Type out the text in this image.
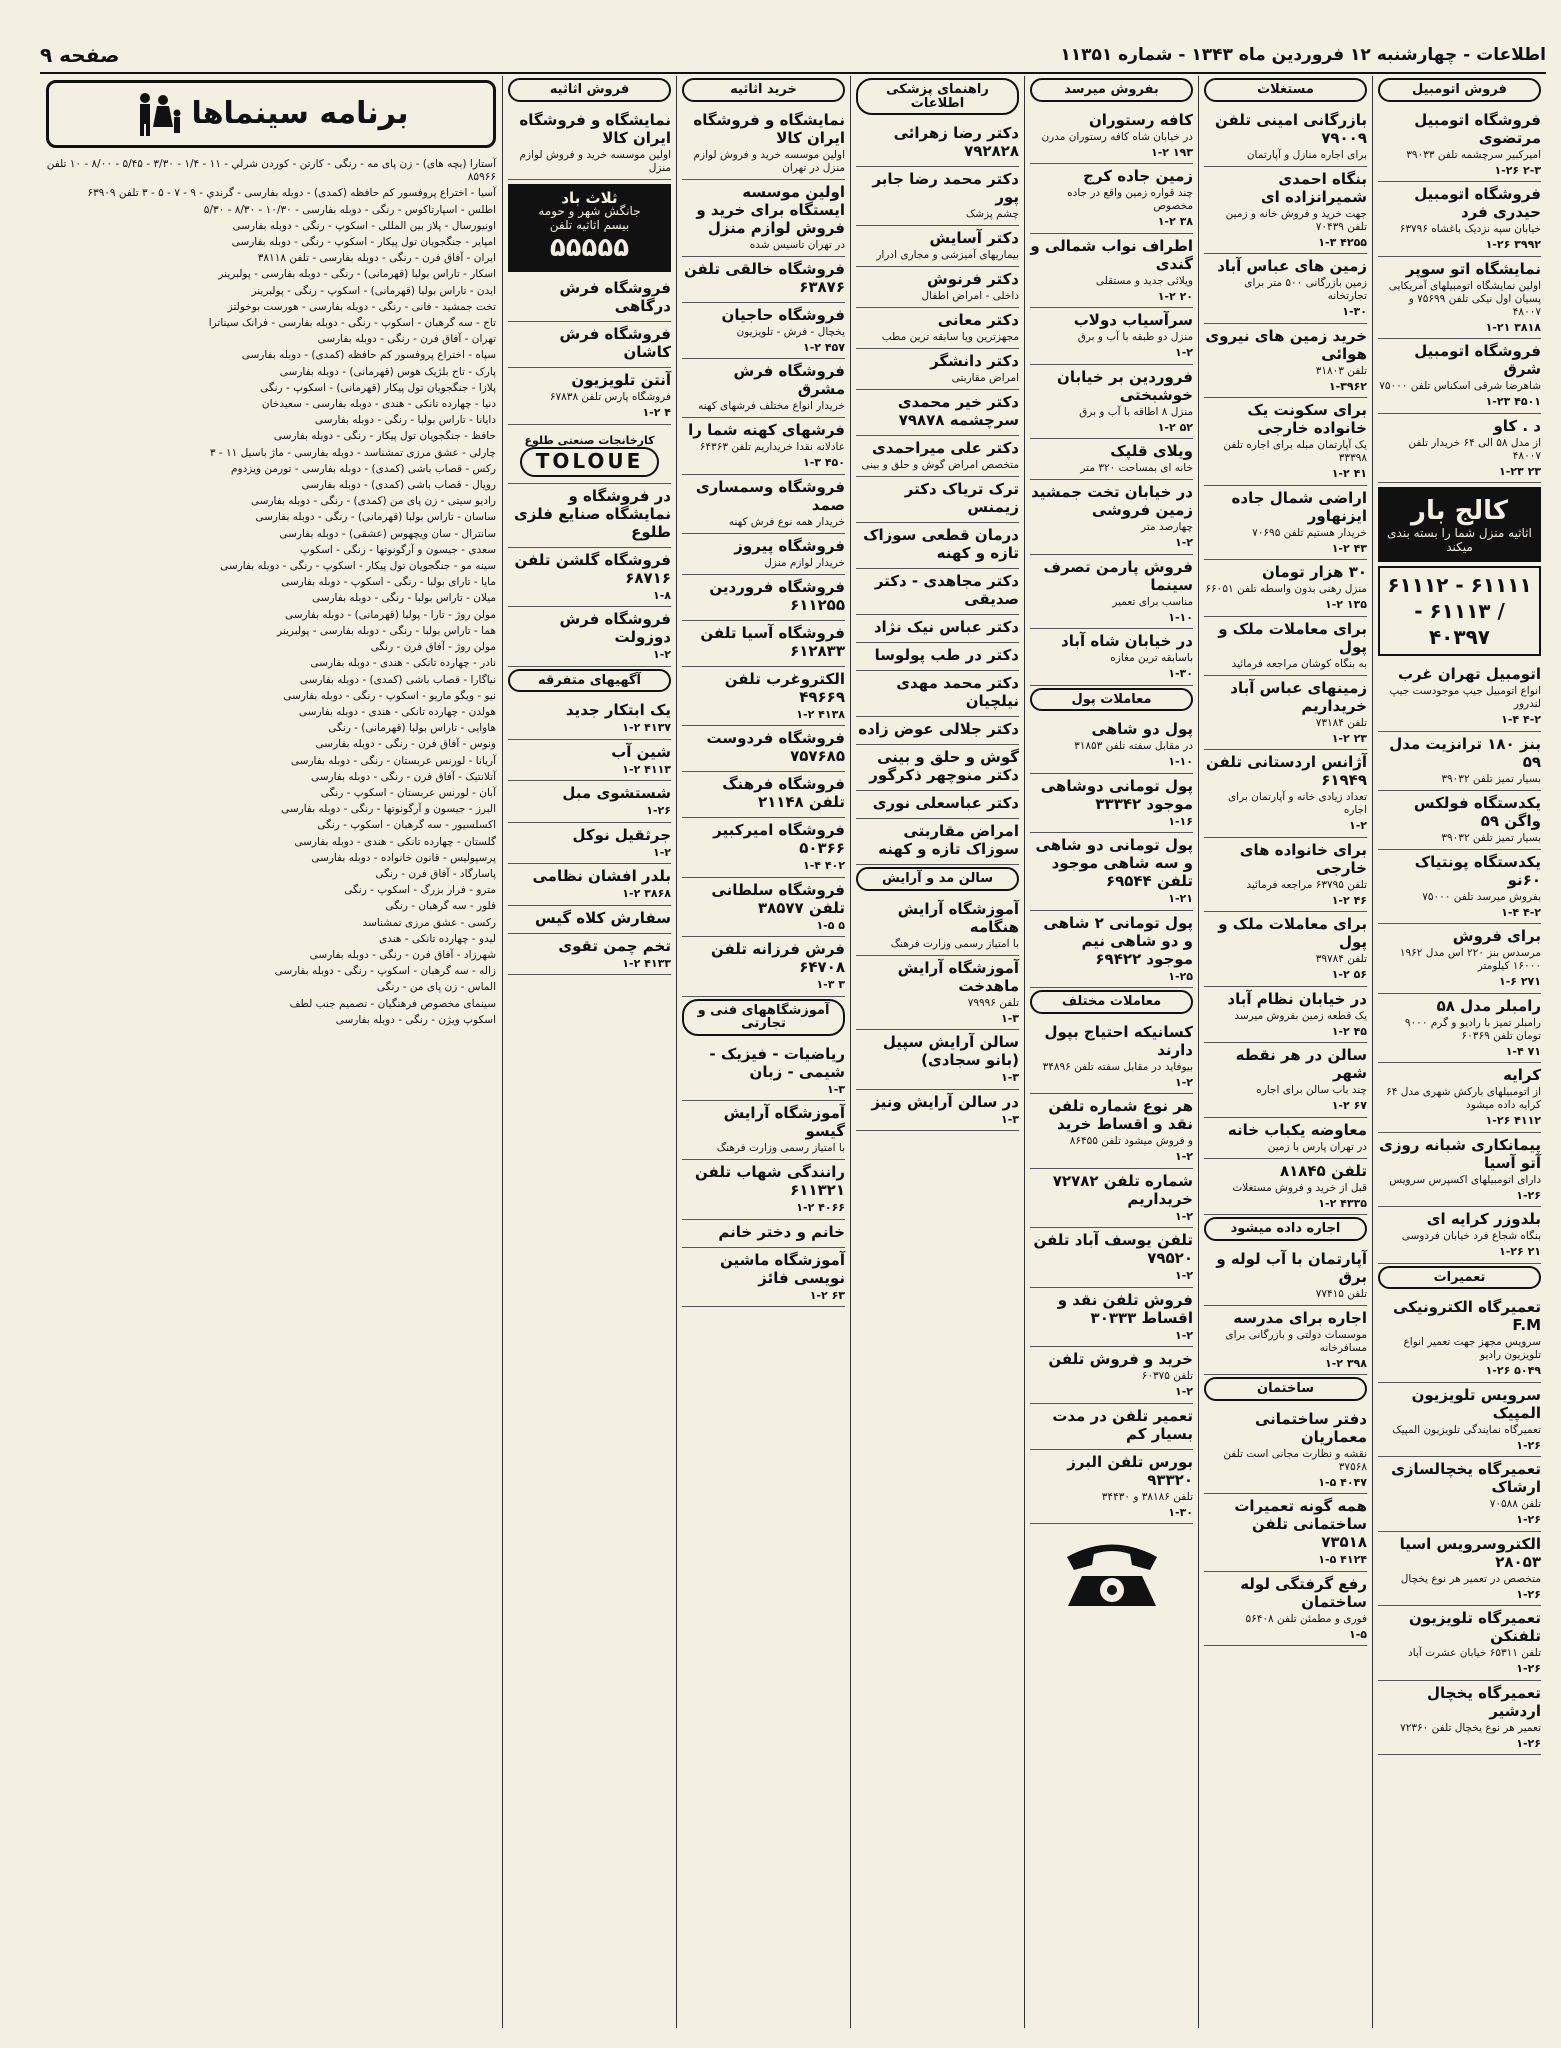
اطلاعات - چهارشنبه ۱۲ فروردین ماه ۱۳۴۳ - شماره ۱۱۳۵۱
صفحه ۹
فروش اتومبيل
فروشگاه اتومبيل مرتضوی
اميرکبير سرچشمه تلفن ۳۹۰۳۳
۲-۳ ۱-۲۶
فروشگاه اتومبيل حيدری فرد
خيابان سپه نزديک باغشاه ۶۳۷۹۶
۳۹۹۲ ۱-۲۶
نمايشگاه اتو سوپر
اولين نمايشگاه اتومبيلهای آمريکايی پسيان اول نيکی تلفن ۷۵۶۹۹ و ۴۸۰۰۷
۳۸۱۸ ۱-۲۱
فروشگاه اتومبيل شرق
شاهرضا شرقی اسکناس تلفن ۷۵۰۰۰
۴۵۰۱ ۱-۲۳
د . کاو
از مدل ۵۸ الی ۶۴ خريدار تلفن ۴۸۰۰۷
۲۳ ۱-۲۳
کالج بار
اثاثيه منزل شما را بسته بندی ميکند
۶۱۱۱۱ - ۶۱۱۱۲ / ۶۱۱۱۳ - ۴۰۳۹۷
اتومبيل تهران غرب
انواع اتومبيل جيپ موجودست جيپ لندرور
۴-۲ ۱-۴
بنز ۱۸۰ ترانزيت مدل ۵۹
بسيار تميز تلفن ۳۹۰۳۲
يکدستگاه فولکس واگن ۵۹
بسيار تميز تلفن ۳۹۰۳۲
يکدستگاه پونتياک ۶۰نو
بفروش ميرسد تلفن ۷۵۰۰۰
۴-۲ ۱-۴
برای فروش
مرسدس بنز ۲۲۰ اس مدل ۱۹۶۲ ۱۶۰۰۰ کيلومتر
۲۷۱ ۱-۶
رامبلر مدل ۵۸
رامبلر تميز با راديو و گرم ۹۰۰۰ تومان تلفن ۶۰۳۶۹
۷۱ ۱-۴
کرايه
از اتومبيلهای بارکش شهری مدل ۶۴ کرايه داده ميشود
۴۱۱۲ ۱-۲۶
پيمانکاری شبانه روزی آتو آسيا
دارای اتومبيلهای اکسپرس سرويس
۱-۲۶
بلدوزر کرايه ای
بنگاه شجاع فرد خيابان فردوسی
۲۱ ۱-۲۶
تعميرات
تعميرگاه الکترونيکی F.M
سرويس مجهز جهت تعمير انواع تلويزيون راديو
۵۰۴۹ ۱-۲۶
سرويس تلويزيون المپيک
تعميرگاه نمايندگی تلويزيون المپيک
۱-۲۶
تعميرگاه يخچالسازی ارشاک
تلفن ۷۰۵۸۸
۱-۲۶
الکتروسرويس اسيا ۲۸۰۵۳
متخصص در تعمير هر نوع يخچال
۱-۲۶
تعميرگاه تلويزيون تلفنکن
تلفن ۶۵۳۱۱ خيابان عشرت آباد
۱-۲۶
تعميرگاه يخچال اردشير
تعمير هر نوع يخچال تلفن ۷۲۳۶۰
۱-۲۶
مستغلات
بازرگانی امينی تلفن ۷۹۰۰۹
برای اجاره منازل و آپارتمان
بنگاه احمدی شميرانزاده ای
جهت خريد و فروش خانه و زمين تلفن ۷۰۴۳۹
۴۲۵۵ ۱-۳
زمين های عباس آباد
زمين بازرگانی ۵۰۰ متر برای تجارتخانه
۱-۳۰
خريد زمين های نيروی هوائی
تلفن ۳۱۸۰۳
۱-۳۹۶۲
برای سکونت يک خانواده خارجی
يک آپارتمان مبله برای اجاره تلفن ۳۳۳۹۸
۴۱ ۱-۲
اراضی شمال جاده ايزنهاور
خريدار هستيم تلفن ۷۰۶۹۵
۴۳ ۱-۲
۳۰ هزار تومان
منزل رهنی بدون واسطه تلفن ۶۶۰۵۱
۱۳۵ ۱-۲
برای معاملات ملک و پول
به بنگاه کوشان مراجعه فرمائيد
زمينهای عباس آباد خريداريم
تلفن ۷۳۱۸۴
۲۳ ۱-۲
آژانس اردستانی تلفن ۶۱۹۴۹
تعداد زيادی خانه و آپارتمان برای اجاره
۱-۲
برای خانواده های خارجی
تلفن ۶۳۷۹۵ مراجعه فرمائيد
۴۶ ۱-۲
برای معاملات ملک و پول
تلفن ۳۹۷۸۴
۵۶ ۱-۲
در خيابان نظام آباد
يک قطعه زمين بفروش ميرسد
۴۵ ۱-۲
سالن در هر نقطه شهر
چند باب سالن برای اجاره
۶۷ ۱-۲
معاوضه يکباب خانه
در تهران پارس با زمين
تلفن ۸۱۸۴۵
قبل از خريد و فروش مستغلات
۴۳۳۵ ۱-۲
اجاره داده ميشود
آپارتمان با آب لوله و برق
تلفن ۷۷۴۱۵
اجاره برای مدرسه
موسسات دولتی و بازرگانی برای مسافرخانه
۳۹۸ ۱-۲
ساختمان
دفتر ساختمانی معماريان
نقشه و نظارت مجانی است تلفن ۳۷۵۶۸
۴۰۴۷ ۱-۵
همه گونه تعميرات ساختمانی تلفن ۷۳۵۱۸
۴۱۲۴ ۱-۵
رفع گرفتگی لوله ساختمان
فوری و مطمئن تلفن ۵۶۴۰۸
۱-۵
بفروش ميرسد
کافه رستوران
در خيابان شاه کافه رستوران مدرن
۱۹۳ ۱-۲
زمين جاده کرج
چند قواره زمين واقع در جاده مخصوص
۳۸ ۱-۲
اطراف نواب شمالی و گندی
ويلائی جديد و مستقلی
۲۰ ۱-۲
سرآسياب دولاب
منزل دو طبقه با آب و برق
۱-۲
فروردين بر خيابان خوشبختی
منزل ۸ اطاقه با آب و برق
۵۲ ۱-۲
ويلای قلپک
خانه ای بمساحت ۳۲۰ متر
در خيابان تخت جمشيد زمين فروشی
چهارصد متر
۱-۲
فروش پارمن تصرف سينما
مناسب برای تعمير
۱-۱۰
در خيابان شاه آباد
باسابقه ترين مغازه
۱-۳۰
معاملات پول
پول دو شاهی
در مقابل سفته تلفن ۳۱۸۵۳
۱-۱۰
پول تومانی دوشاهی موجود ۳۳۳۴۲
۱-۱۶
پول تومانی دو شاهی و سه شاهی موجود تلفن ۶۹۵۴۴
۱-۲۱
پول تومانی ۲ شاهی و دو شاهی نيم موجود ۶۹۴۲۲
۱-۲۵
معاملات مختلف
کسانيکه احتياج بپول دارند
بيوفايد در مقابل سفته تلفن ۳۴۸۹۶
۱-۲
هر نوع شماره تلفن نقد و اقساط خريد
و فروش ميشود تلفن ۸۶۴۵۵
۱-۲
شماره تلفن ۷۲۷۸۲ خريداريم
۱-۲
تلفن يوسف آباد تلفن ۷۹۵۲۰
۱-۲
فروش تلفن نقد و اقساط ۳۰۳۳۳
۱-۲
خريد و فروش تلفن
تلفن ۶۰۳۷۵
۱-۲
تعمير تلفن در مدت بسيار کم
بورس تلفن البرز ۹۳۳۲۰
تلفن ۳۸۱۸۶ و ۳۴۴۳۰
۱-۳۰
راهنمای پزشکی اطلاعات
دکتر رضا زهرائی ۷۹۲۸۲۸
دکتر محمد رضا جابر پور
چشم پزشک
دکتر آسايش
بيماريهای آميزشی و مجاری ادرار
دکتر فرنوش
داخلی - امراض اطفال
دکتر معانی
مجهزترين ويا سابقه ترين مطب
دکتر دانشگر
امراض مقاربتی
دکتر خير محمدی سرچشمه ۷۹۸۷۸
دکتر علی ميراحمدی
متخصص امراض گوش و حلق و بينی
ترک ترياک دکتر زيمنس
درمان قطعی سوزاک تازه و کهنه
دکتر مجاهدی - دکتر صديقی
دکتر عباس نيک نژاد
دکتر در طب پولوسا
دکتر محمد مهدی نيلچيان
دکتر جلالی عوض زاده
گوش و حلق و بينی دکتر منوچهر ذکرگور
دکتر عباسعلی نوری
امراض مقاربتی سوزاک تازه و کهنه
سالن مد و آرايش
آموزشگاه آرايش هنگامه
با امتياز رسمی وزارت فرهنگ
آموزشگاه آرايش ماهدخت
تلفن ۷۹۹۹۶
۱-۳
سالن آرايش سپيل (بانو سجادی)
۱-۳
در سالن آرايش ونيز
۱-۳
خريد اثاثيه
نمايشگاه و فروشگاه ايران کالا
اولين موسسه خريد و فروش لوازم منزل در تهران
اولين موسسه ايستگاه برای خريد و فروش لوازم منزل
در تهران تاسيس شده
فروشگاه خالقی تلفن ۶۳۸۷۶
فروشگاه حاجيان
يخچال - فرش - تلويزيون
۴۵۷ ۱-۲
فروشگاه فرش مشرق
خريدار انواع مختلف فرشهای کهنه
فرشهای کهنه شما را
عادلانه نقدا خريداريم تلفن ۶۴۳۶۳
۴۵۰ ۱-۳
فروشگاه وسمساری صمد
خريدار همه نوع فرش کهنه
فروشگاه پيروز
خريدار لوازم منزل
فروشگاه فروردين ۶۱۱۲۵۵
فروشگاه آسيا تلفن ۶۱۲۸۳۳
الکتروغرب تلفن ۴۹۶۶۹
۴۱۳۸ ۱-۲
فروشگاه فردوست ۷۵۷۶۸۵
فروشگاه فرهنگ تلفن ۲۱۱۴۸
فروشگاه اميرکبير ۵۰۳۶۶
۴۰۲ ۱-۴
فروشگاه سلطانی تلفن ۳۸۵۷۷
۵ ۱-۵
فرش فرزانه تلفن ۶۴۷۰۸
۳ ۱-۳
آموزشگاههای فنی و تجارتی
رياضيات - فيزيک - شيمی - زبان
۱-۳
آموزشگاه آرايش گيسو
با امتياز رسمی وزارت فرهنگ
رانندگی شهاب تلفن ۶۱۱۳۲۱
۴۰۶۶ ۱-۲
خانم و دختر خانم
آموزشگاه ماشين نويسی فائز
۶۳ ۱-۲
فروش اثاثيه
نمايشگاه و فروشگاه ايران کالا
اولين موسسه خريد و فروش لوازم منزل
ثلاث باد
جانگش شهر و حومه
بيسم اثاثيه تلفن
۵۵۵۵۵
فروشگاه فرش درگاهی
فروشگاه فرش کاشان
آنتن تلويزيون
فروشگاه پارس تلفن ۶۷۸۳۸
۴ ۱-۲
کارخانجات صنعتی طلوع
TOLOUE
در فروشگاه و نمايشگاه صنايع فلزی طلوع
فروشگاه گلشن تلفن ۶۸۷۱۶
۱-۸
فروشگاه فرش دوزولت
۱-۲
آگهيهای متفرقه
يک ابتکار جديد
۴۱۳۷ ۱-۲
شين آب
۴۱۱۳ ۱-۲
شستشوی مبل
۱-۲۶
جرثقيل نوکل
۱-۲
بلدر افشان نظامی
۳۸۶۸ ۱-۲
سفارش کلاه گيس
تخم چمن تقوی
۴۱۳۳ ۱-۲
برنامه سينماها

آستارا (بچه های) - زن پای مه - رنگی - کارتن - کوردن شرلي - ۱۱ - ۱/۴ - ۳/۳۰ - ۵/۴۵ - ۸/۰۰ - ۱۰ تلفن ۸۵۹۶۶

آسيا - اختراع پروفسور کم حافظه (کمدی) - دوبله بفارسی - گرندي - ۹ - ۷ - ۵ - ۳ تلفن ۶۳۹۰۹

اطلس - اسپارتاکوس - رنگی - دوبله بفارسی - ۱۰/۳۰ - ۸/۳۰ - ۵/۳۰

اونيورسال - پلاز بين المللی - اسکوپ - رنگی - دوبله بفارسی

امپاير - جنگجويان تول پيکار - اسکوپ - رنگی - دوبله بفارسی

ايران - آفاق فرن - رنگی - دوبله بفارسی - تلفن ۳۸۱۱۸

اسکار - تاراس بولبا (قهرمانی) - رنگی - دوبله بفارسی - پولبرينر

ايدن - تاراس بولبا (قهرمانی) - اسکوپ - رنگی - پولبرينر

تخت جمشيد - فانی - رنگی - دوبله بفارسی - هورست بوخولتز

تاج - سه گرهبان - اسکوپ - رنگی - دوبله بفارسی - فرانک سيناترا

تهران - آفاق فرن - رنگی - دوبله بفارسی

سپاه - اختراع پروفسور کم حافظه (کمدی) - دوبله بفارسی

پارک - تاج بلژيک هوس (قهرمانی) - دوبله بفارسی

پلازا - جنگجويان تول پيکار (قهرمانی) - اسکوپ - رنگی

دنيا - چهارده تانکی - هندی - دوبله بفارسی - سعيدخان

دايانا - تاراس بولبا - رنگی - دوبله بفارسی

حافظ - جنگجويان تول پيکار - رنگی - دوبله بفارسی

چارلی - عشق مرزی تمشناسد - دوبله بفارسی - ماژ باسيل ۱۱ - ۳

رکس - قصاب باشی (کمدی) - دوبله بفارسی - تورمن ويزدوم

رويال - قصاب باشی (کمدی) - دوبله بفارسی

راديو سيتی - زن پای من (کمدی) - رنگی - دوبله بفارسی

ساسان - تاراس بولبا (قهرمانی) - رنگی - دوبله بفارسی

سانترال - سان ويچهوس (عشقی) - دوبله بفارسی

سعدی - جيسون و آرگونوتها - رنگی - اسکوپ

سينه مو - جنگجويان تول پيکار - اسکوپ - رنگی - دوبله بفارسی

مايا - تارای بولبا - رنگی - اسکوپ - دوبله بفارسی

ميلان - تاراس بولبا - رنگی - دوبله بفارسی

مولن روژ - تارا - پولبا (قهرمانی) - دوبله بفارسی

هما - تاراس بولبا - رنگی - دوبله بفارسی - پولبرينر

مولن روژ - آفاق فرن - رنگی

نادر - چهارده تانکی - هندی - دوبله بفارسی

نياگارا - قصاب باشی (کمدی) - دوبله بفارسی

نيو - ويگو ماريو - اسکوپ - رنگی - دوبله بفارسی

هولدن - چهارده تانکی - هندی - دوبله بفارسی

هاوايی - تاراس بولبا (قهرمانی) - رنگی

ونوس - آفاق فرن - رنگی - دوبله بفارسی

آريانا - لورنس عربستان - رنگی - دوبله بفارسی

آتلانتيک - آفاق فرن - رنگی - دوبله بفارسی

آبان - لورنس عربستان - اسکوپ - رنگی

البرز - جيسون و آرگونوتها - رنگی - دوبله بفارسی

اکسلسيور - سه گرهبان - اسکوپ - رنگی

گلستان - چهارده تانکی - هندی - دوبله بفارسی

پرسپوليس - قانون خانواده - دوبله بفارسی

پاسارگاد - آفاق فرن - رنگی

مترو - فرار بزرگ - اسکوپ - رنگی

فلور - سه گرهبان - رنگی

رکسی - عشق مرزی تمشناسد

ليدو - چهارده تانکی - هندی

شهرزاد - آفاق فرن - رنگی - دوبله بفارسی

زاله - سه گرهبان - اسکوپ - رنگی - دوبله بفارسی

الماس - زن پای من - رنگی

سينمای مخصوص فرهنگيان - تصميم جنب لطف

اسکوپ ويژن - رنگی - دوبله بفارسی
